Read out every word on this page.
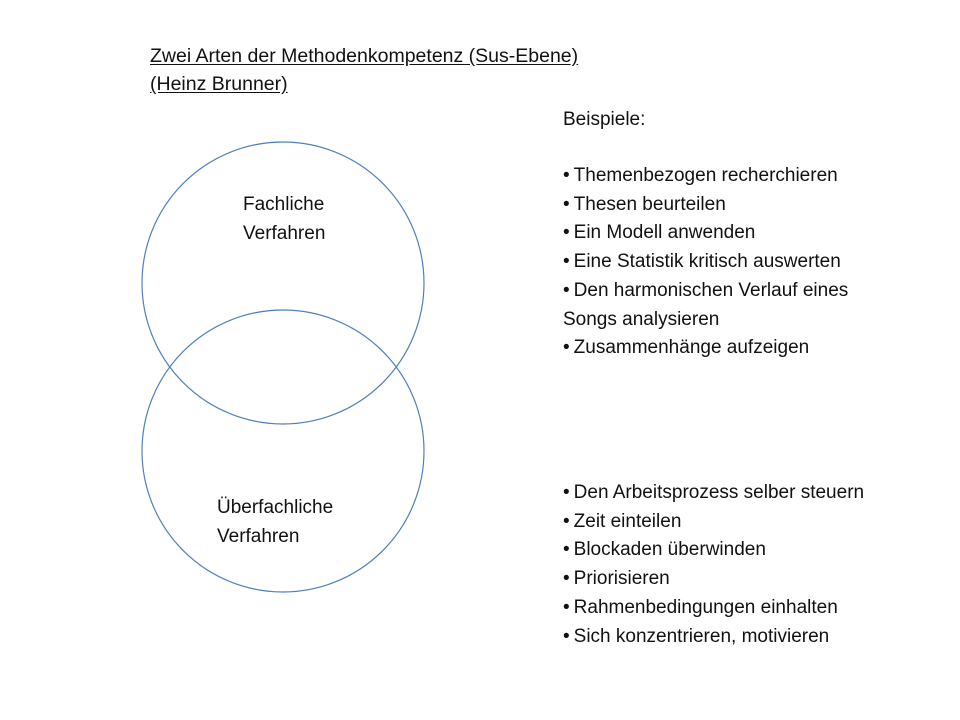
Zwei Arten der Methodenkompetenz (Sus-Ebene)
(Heinz Brunner)
Fachliche
Verfahren
Überfachliche
Verfahren
Beispiele:
• Themenbezogen recherchieren
• Thesen beurteilen
• Ein Modell anwenden
• Eine Statistik kritisch auswerten
• Den harmonischen Verlauf eines
Songs analysieren
• Zusammenhänge aufzeigen
• Den Arbeitsprozess selber steuern
• Zeit einteilen
• Blockaden überwinden
• Priorisieren
• Rahmenbedingungen einhalten
• Sich konzentrieren, motivieren
